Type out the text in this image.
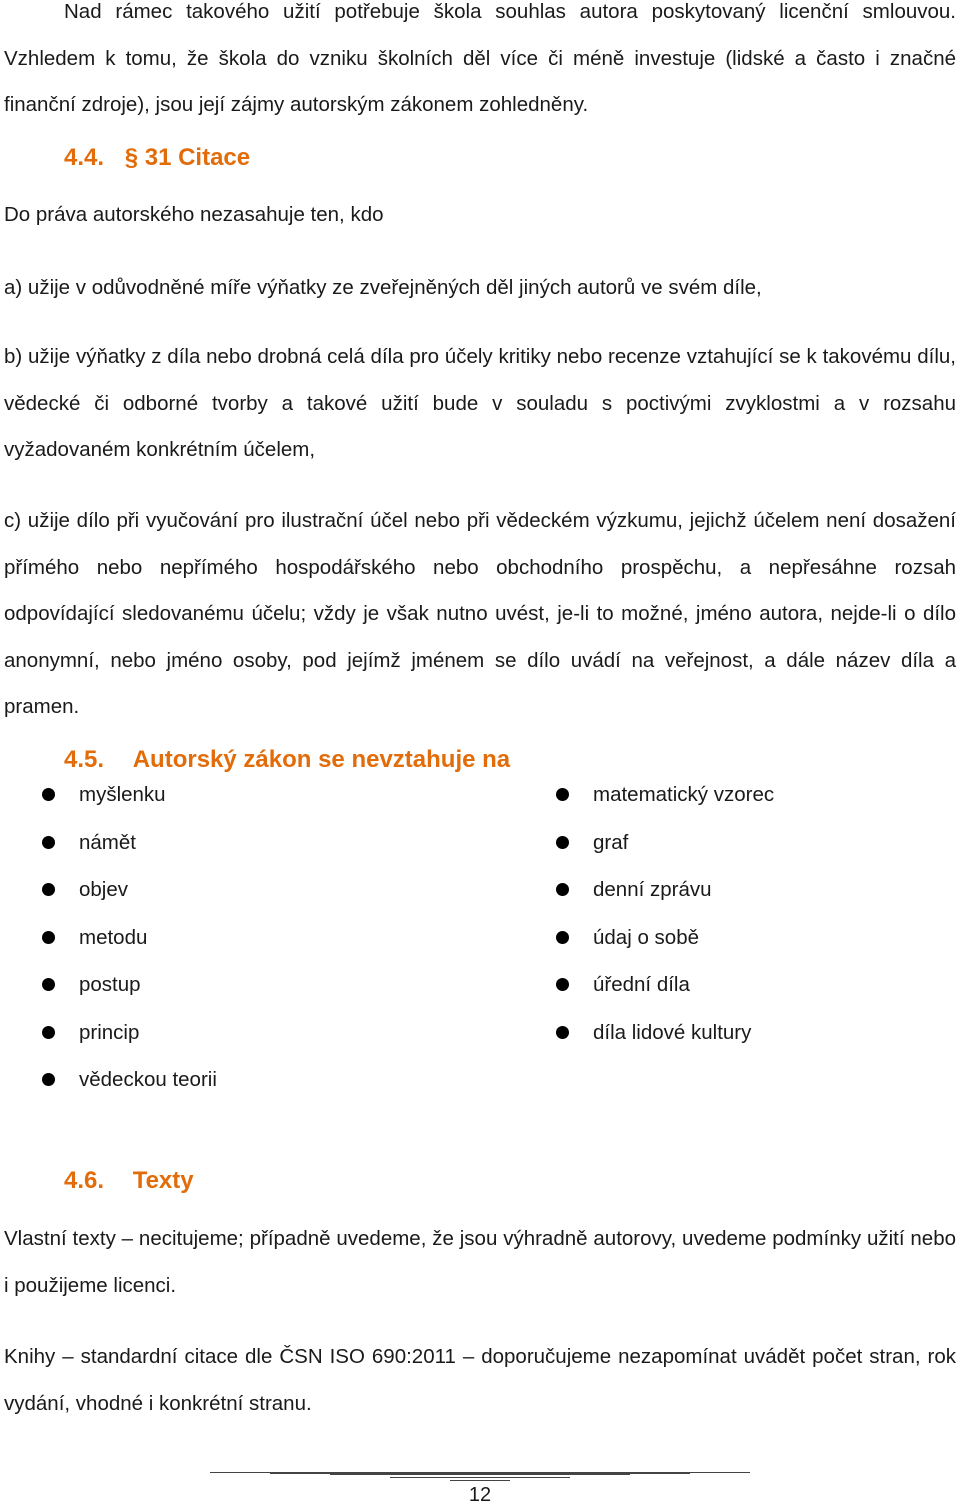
Nad rámec takového užití potřebuje škola souhlas autora poskytovaný licenční smlouvou. Vzhledem k tomu, že škola do vzniku školních děl více či méně investuje (lidské a často i značné finanční zdroje), jsou její zájmy autorským zákonem zohledněny.

4.4. § 31 Citace

Do práva autorského nezasahuje ten, kdo

a) užije v odůvodněné míře výňatky ze zveřejněných děl jiných autorů ve svém díle,

b) užije výňatky z díla nebo drobná celá díla pro účely kritiky nebo recenze vztahující se k takovému dílu, vědecké či odborné tvorby a takové užití bude v souladu s poctivými zvyklostmi a v rozsahu vyžadovaném konkrétním účelem,

c) užije dílo při vyučování pro ilustrační účel nebo při vědeckém výzkumu, jejichž účelem není dosažení přímého nebo nepřímého hospodářského nebo obchodního prospěchu, a nepřesáhne rozsah odpovídající sledovanému účelu; vždy je však nutno uvést, je-li to možné, jméno autora, nejde-li o dílo anonymní, nebo jméno osoby, pod jejímž jménem se dílo uvádí na veřejnost, a dále název díla a pramen.

4.5. Autorský zákon se nevztahuje na
myšlenku
námět
objev
metodu
postup
princip
vědeckou teorii
matematický vzorec
graf
denní zprávu
údaj o sobě
úřední díla
díla lidové kultury
4.6. Texty

Vlastní texty – necitujeme; případně uvedeme, že jsou výhradně autorovy, uvedeme podmínky užití nebo i použijeme licenci.

Knihy – standardní citace dle ČSN ISO 690:2011 – doporučujeme nezapomínat uvádět počet stran, rok vydání, vhodné i konkrétní stranu.

12
